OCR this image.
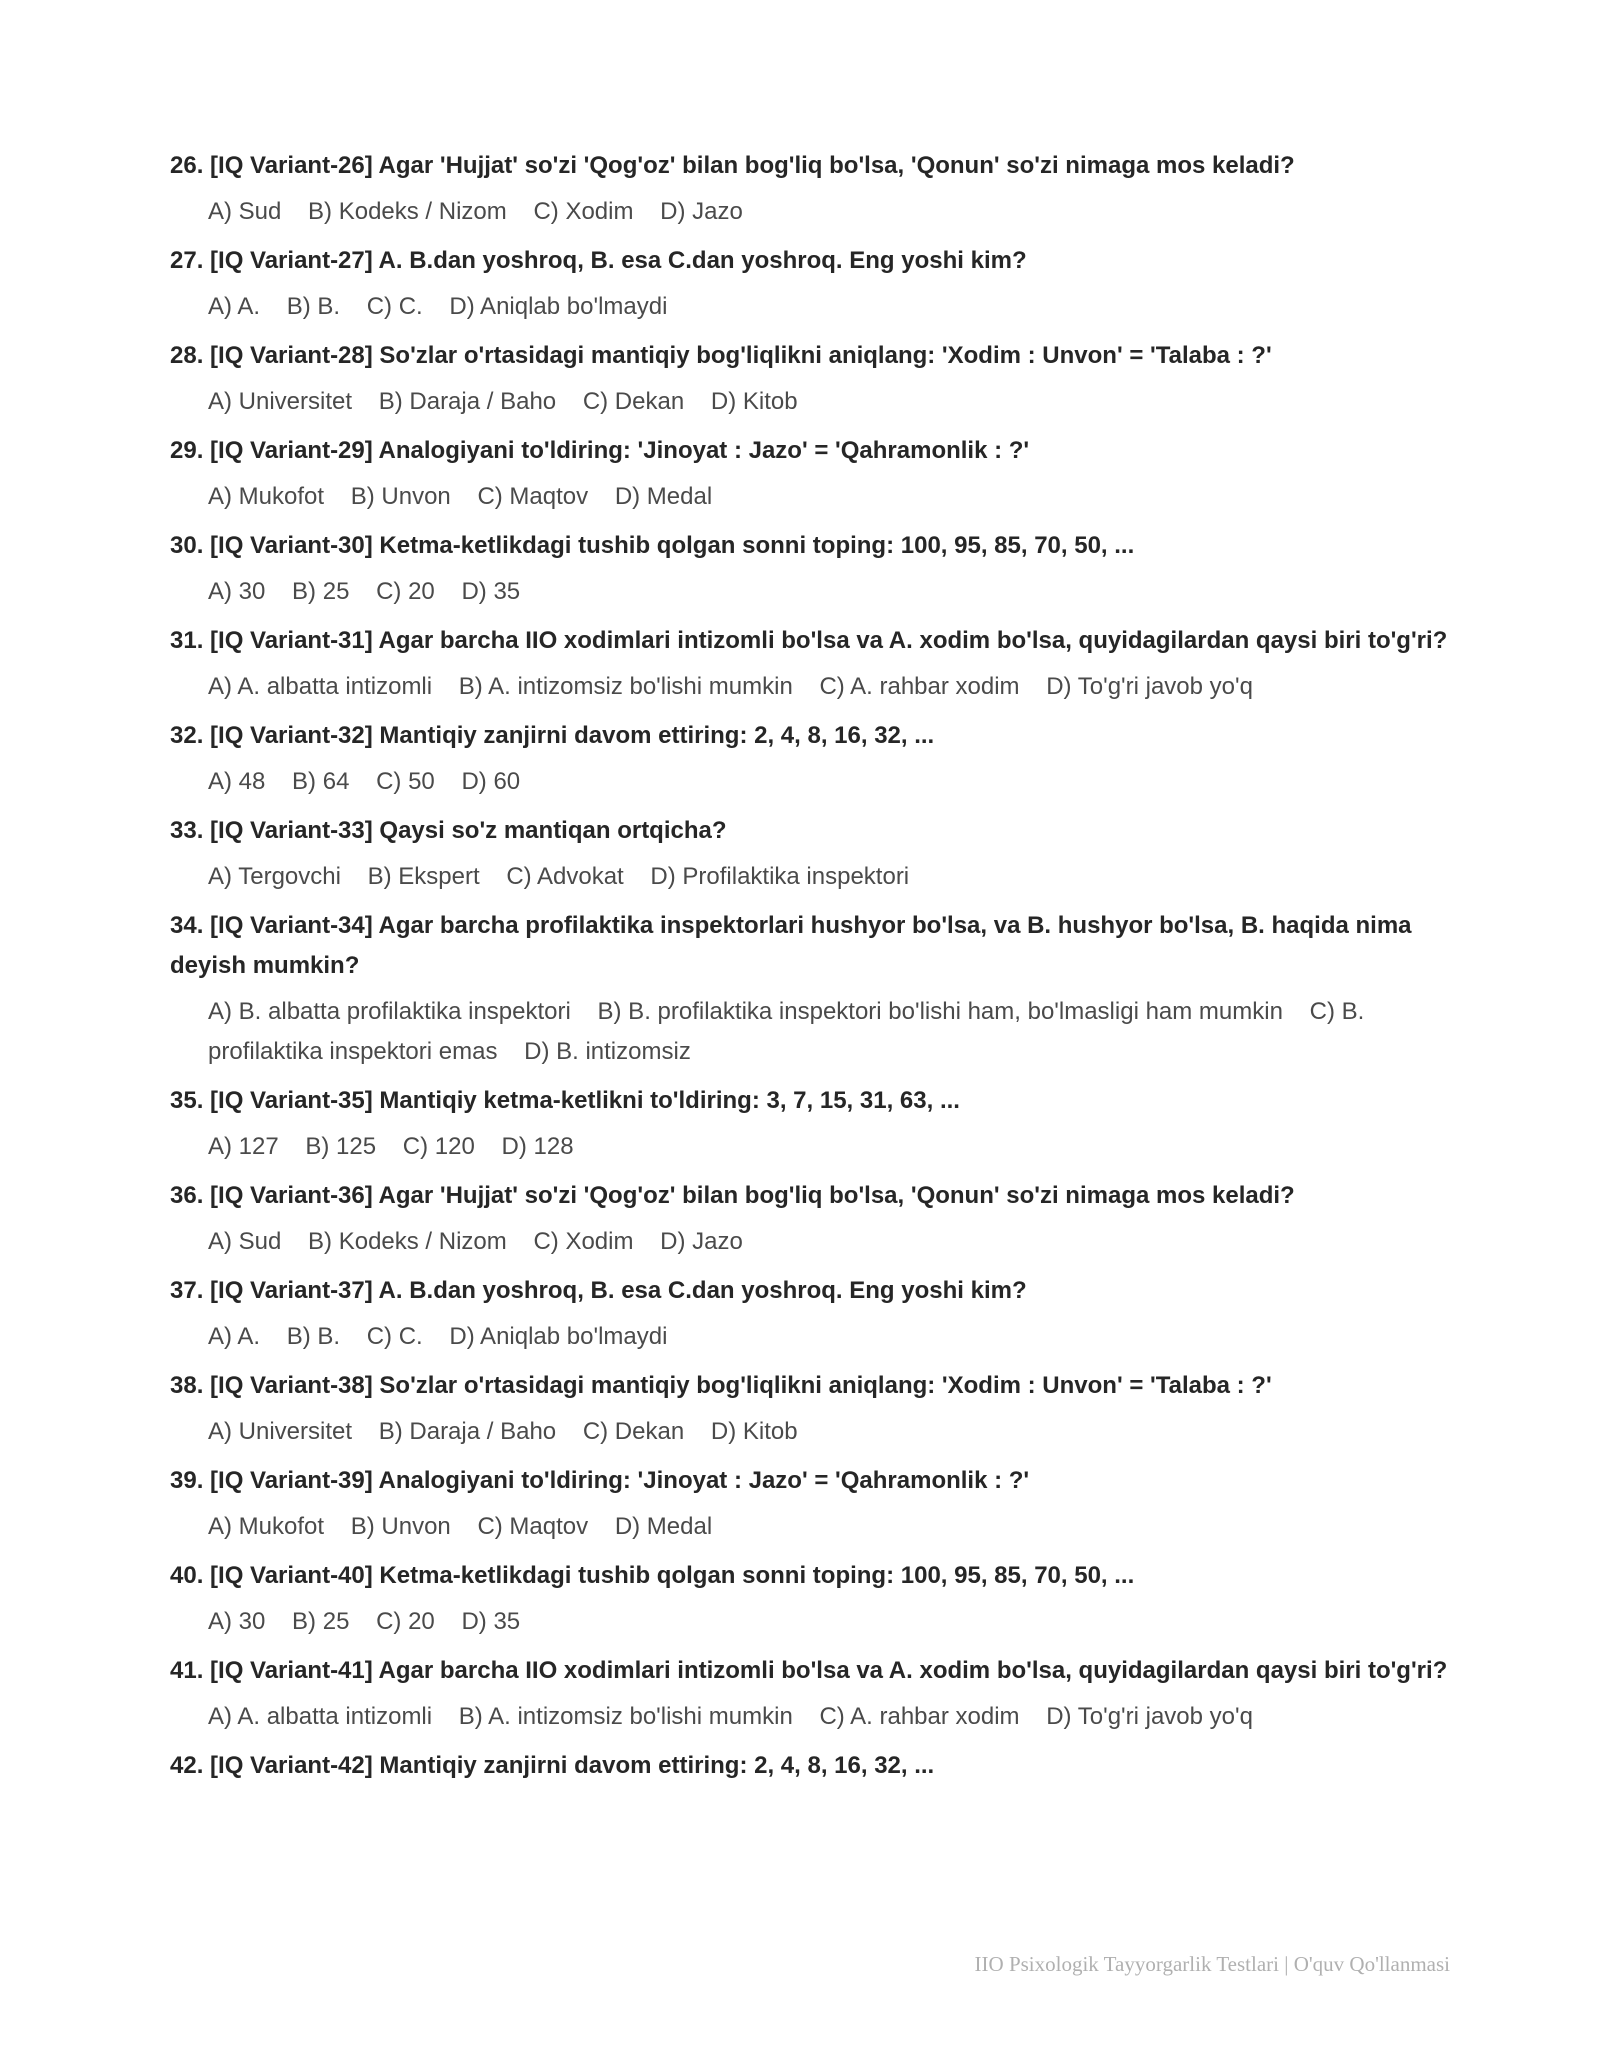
26. [IQ Variant-26] Agar 'Hujjat' so'zi 'Qog'oz' bilan bog'liq bo'lsa, 'Qonun' so'zi nimaga mos keladi?

A) Sud B) Kodeks / Nizom C) Xodim D) Jazo

27. [IQ Variant-27] A. B.dan yoshroq, B. esa C.dan yoshroq. Eng yoshi kim?

A) A. B) B. C) C. D) Aniqlab bo'lmaydi

28. [IQ Variant-28] So'zlar o'rtasidagi mantiqiy bog'liqlikni aniqlang: 'Xodim : Unvon' = 'Talaba : ?'

A) Universitet B) Daraja / Baho C) Dekan D) Kitob

29. [IQ Variant-29] Analogiyani to'ldiring: 'Jinoyat : Jazo' = 'Qahramonlik : ?'

A) Mukofot B) Unvon C) Maqtov D) Medal

30. [IQ Variant-30] Ketma-ketlikdagi tushib qolgan sonni toping: 100, 95, 85, 70, 50, ...

A) 30 B) 25 C) 20 D) 35

31. [IQ Variant-31] Agar barcha IIO xodimlari intizomli bo'lsa va A. xodim bo'lsa, quyidagilardan qaysi biri to'g'ri?

A) A. albatta intizomli B) A. intizomsiz bo'lishi mumkin C) A. rahbar xodim D) To'g'ri javob yo'q

32. [IQ Variant-32] Mantiqiy zanjirni davom ettiring: 2, 4, 8, 16, 32, ...

A) 48 B) 64 C) 50 D) 60

33. [IQ Variant-33] Qaysi so'z mantiqan ortqicha?

A) Tergovchi B) Ekspert C) Advokat D) Profilaktika inspektori

34. [IQ Variant-34] Agar barcha profilaktika inspektorlari hushyor bo'lsa, va B. hushyor bo'lsa, B. haqida nima deyish mumkin?

A) B. albatta profilaktika inspektori B) B. profilaktika inspektori bo'lishi ham, bo'lmasligi ham mumkin C) B. profilaktika inspektori emas D) B. intizomsiz

35. [IQ Variant-35] Mantiqiy ketma-ketlikni to'ldiring: 3, 7, 15, 31, 63, ...

A) 127 B) 125 C) 120 D) 128

36. [IQ Variant-36] Agar 'Hujjat' so'zi 'Qog'oz' bilan bog'liq bo'lsa, 'Qonun' so'zi nimaga mos keladi?

A) Sud B) Kodeks / Nizom C) Xodim D) Jazo

37. [IQ Variant-37] A. B.dan yoshroq, B. esa C.dan yoshroq. Eng yoshi kim?

A) A. B) B. C) C. D) Aniqlab bo'lmaydi

38. [IQ Variant-38] So'zlar o'rtasidagi mantiqiy bog'liqlikni aniqlang: 'Xodim : Unvon' = 'Talaba : ?'

A) Universitet B) Daraja / Baho C) Dekan D) Kitob

39. [IQ Variant-39] Analogiyani to'ldiring: 'Jinoyat : Jazo' = 'Qahramonlik : ?'

A) Mukofot B) Unvon C) Maqtov D) Medal

40. [IQ Variant-40] Ketma-ketlikdagi tushib qolgan sonni toping: 100, 95, 85, 70, 50, ...

A) 30 B) 25 C) 20 D) 35

41. [IQ Variant-41] Agar barcha IIO xodimlari intizomli bo'lsa va A. xodim bo'lsa, quyidagilardan qaysi biri to'g'ri?

A) A. albatta intizomli B) A. intizomsiz bo'lishi mumkin C) A. rahbar xodim D) To'g'ri javob yo'q

42. [IQ Variant-42] Mantiqiy zanjirni davom ettiring: 2, 4, 8, 16, 32, ...

IIO Psixologik Tayyorgarlik Testlari | O'quv Qo'llanmasi
